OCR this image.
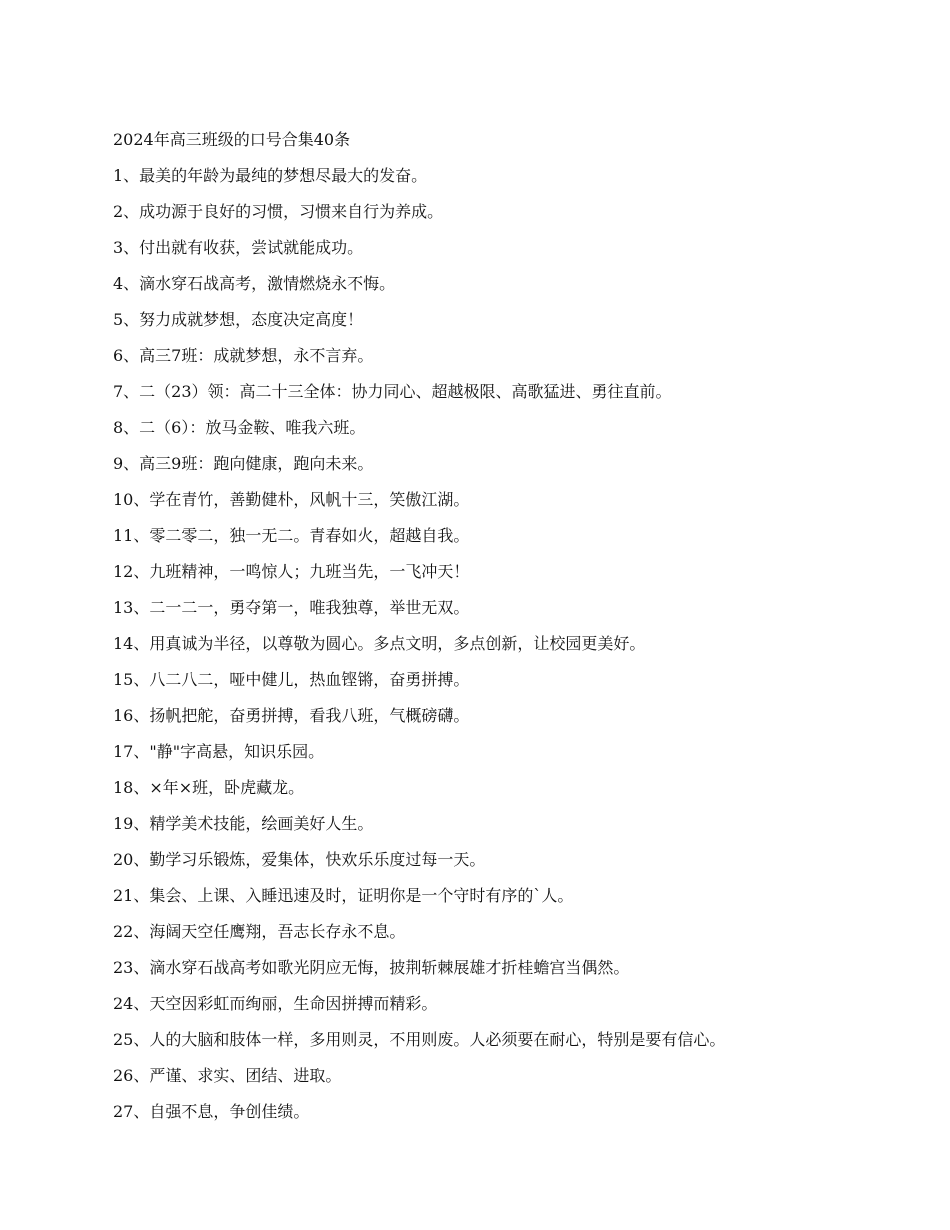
2024年高三班级的口号合集40条
1、最美的年龄为最纯的梦想尽最大的发奋。
2、成功源于良好的习惯，习惯来自行为养成。
3、付出就有收获，尝试就能成功。
4、滴水穿石战高考，激情燃烧永不悔。
5、努力成就梦想，态度决定高度！
6、高三7班：成就梦想，永不言弃。
7、二（23）领：高二十三全体：协力同心、超越极限、高歌猛进、勇往直前。
8、二（6）：放马金鞍、唯我六班。
9、高三9班：跑向健康，跑向未来。
10、学在青竹，善勤健朴，风帆十三，笑傲江湖。
11、零二零二，独一无二。青春如火，超越自我。
12、九班精神，一鸣惊人；九班当先，一飞冲天！
13、二一二一，勇夺第一，唯我独尊，举世无双。
14、用真诚为半径，以尊敬为圆心。多点文明，多点创新，让校园更美好。
15、八二八二，哑中健儿，热血铿锵，奋勇拼搏。
16、扬帆把舵，奋勇拼搏，看我八班，气概磅礴。
17、"静"字高悬，知识乐园。
18、×年×班，卧虎藏龙。
19、精学美术技能，绘画美好人生。
20、勤学习乐锻炼，爱集体，快欢乐乐度过每一天。
21、集会、上课、入睡迅速及时，证明你是一个守时有序的`人。
22、海阔天空任鹰翔，吾志长存永不息。
23、滴水穿石战高考如歌光阴应无悔，披荆斩棘展雄才折桂蟾宫当偶然。
24、天空因彩虹而绚丽，生命因拼搏而精彩。
25、人的大脑和肢体一样，多用则灵，不用则废。人必须要在耐心，特别是要有信心。
26、严谨、求实、团结、进取。
27、自强不息，争创佳绩。
